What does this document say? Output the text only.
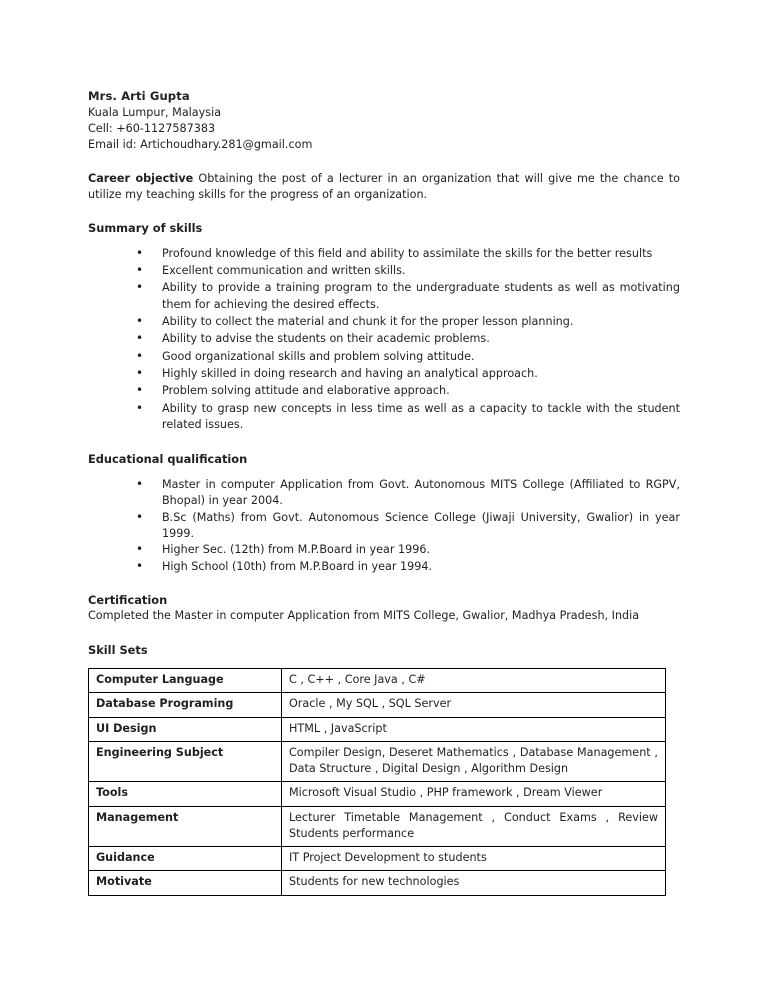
Mrs. Arti Gupta
Kuala Lumpur, Malaysia
Cell: +60-1127587383
Email id: Artichoudhary.281@gmail.com

Career objective Obtaining the post of a lecturer in an organization that will give me the chance to utilize my teaching skills for the progress of an organization.

Summary of skills

• Profound knowledge of this field and ability to assimilate the skills for the better results
• Excellent communication and written skills.
• Ability to provide a training program to the undergraduate students as well as motivating them for achieving the desired effects.
• Ability to collect the material and chunk it for the proper lesson planning.
• Ability to advise the students on their academic problems.
• Good organizational skills and problem solving attitude.
• Highly skilled in doing research and having an analytical approach.
• Problem solving attitude and elaborative approach.
• Ability to grasp new concepts in less time as well as a capacity to tackle with the student related issues.

Educational qualification

• Master in computer Application from Govt. Autonomous MITS College (Affiliated to RGPV, Bhopal) in year 2004.
• B.Sc (Maths) from Govt. Autonomous Science College (Jiwaji University, Gwalior) in year 1999.
• Higher Sec. (12th) from M.P.Board in year 1996.
• High School (10th) from M.P.Board in year 1994.

Certification

Completed the Master in computer Application from MITS College, Gwalior, Madhya Pradesh, India

Skill Sets

Computer Language	C , C++ , Core Java , C#
Database Programing	Oracle , My SQL , SQL Server
UI Design	HTML , JavaScript
Engineering Subject	Compiler Design, Deseret Mathematics , Database Management , Data Structure , Digital Design , Algorithm Design
Tools	Microsoft Visual Studio , PHP framework , Dream Viewer
Management	Lecturer Timetable Management , Conduct Exams , Review Students performance
Guidance	IT Project Development to students
Motivate	Students for new technologies
